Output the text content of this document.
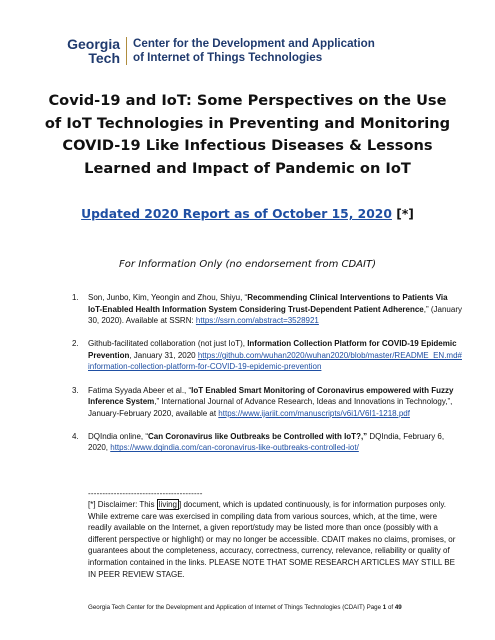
Georgia
Tech
Center for the Development and Application
of Internet of Things Technologies
Covid-19 and IoT: Some Perspectives on the Use of IoT Technologies in Preventing and Monitoring COVID-19 Like Infectious Diseases & Lessons Learned and Impact of Pandemic on IoT
Updated 2020 Report as of October 15, 2020 [*]
For Information Only (no endorsement from CDAIT)
1. Son, Junbo, Kim, Yeongin and Zhou, Shiyu, “Recommending Clinical Interventions to Patients Via IoT-Enabled Health Information System Considering Trust-Dependent Patient Adherence,” (January 30, 2020). Available at SSRN: https://ssrn.com/abstract=3528921
2. Github-facilitated collaboration (not just IoT), Information Collection Platform for COVID-19 Epidemic Prevention, January 31, 2020 https://github.com/wuhan2020/wuhan2020/blob/master/README_EN.md#information-collection-platform-for-COVID-19-epidemic-prevention
3. Fatima Syyada Abeer et al., “IoT Enabled Smart Monitoring of Coronavirus empowered with Fuzzy Inference System,” International Journal of Advance Research, Ideas and Innovations in Technology,”, January-February 2020, available at https://www.ijariit.com/manuscripts/v6i1/V6I1-1218.pdf
4. DQIndia online, “Can Coronavirus like Outbreaks be Controlled with IoT?,” DQIndia, February 6, 2020, https://www.dqindia.com/can-coronavirus-like-outbreaks-controlled-iot/
----------------------------------------
[*] Disclaimer: This living ] document, which is updated continuously, is for information purposes only. While extreme care was exercised in compiling data from various sources, which, at the time, were readily available on the Internet, a given report/study may be listed more than once (possibly with a different perspective or highlight) or may no longer be accessible. CDAIT makes no claims, promises, or guarantees about the completeness, accuracy, correctness, currency, relevance, reliability or quality of information contained in the links. PLEASE NOTE THAT SOME RESEARCH ARTICLES MAY STILL BE IN PEER REVIEW STAGE.
Georgia Tech Center for the Development and Application of Internet of Things Technologies (CDAIT) Page 1 of 49
